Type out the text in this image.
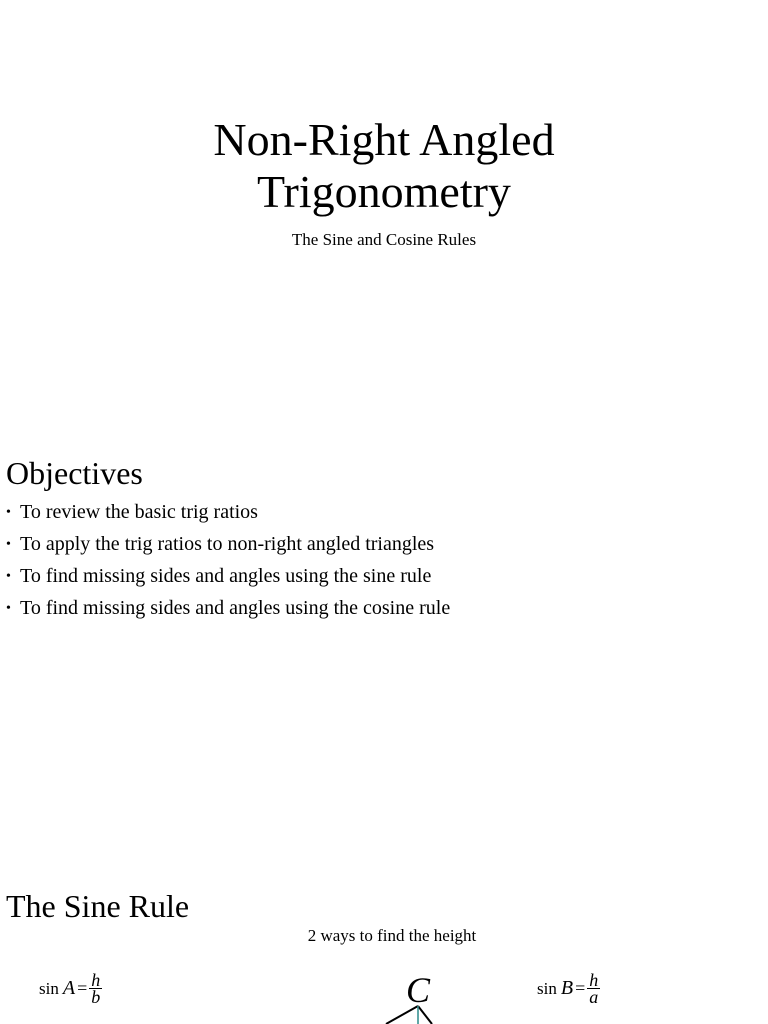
Non-Right Angled
Trigonometry
The Sine and Cosine Rules
Objectives
• To review the basic trig ratios
• To apply the trig ratios to non-right angled triangles
• To find missing sides and angles using the sine rule
• To find missing sides and angles using the cosine rule
The Sine Rule
2 ways to find the height
$\sin A = \frac{h}{b}$	$\sin B = \frac{h}{a}$
C
